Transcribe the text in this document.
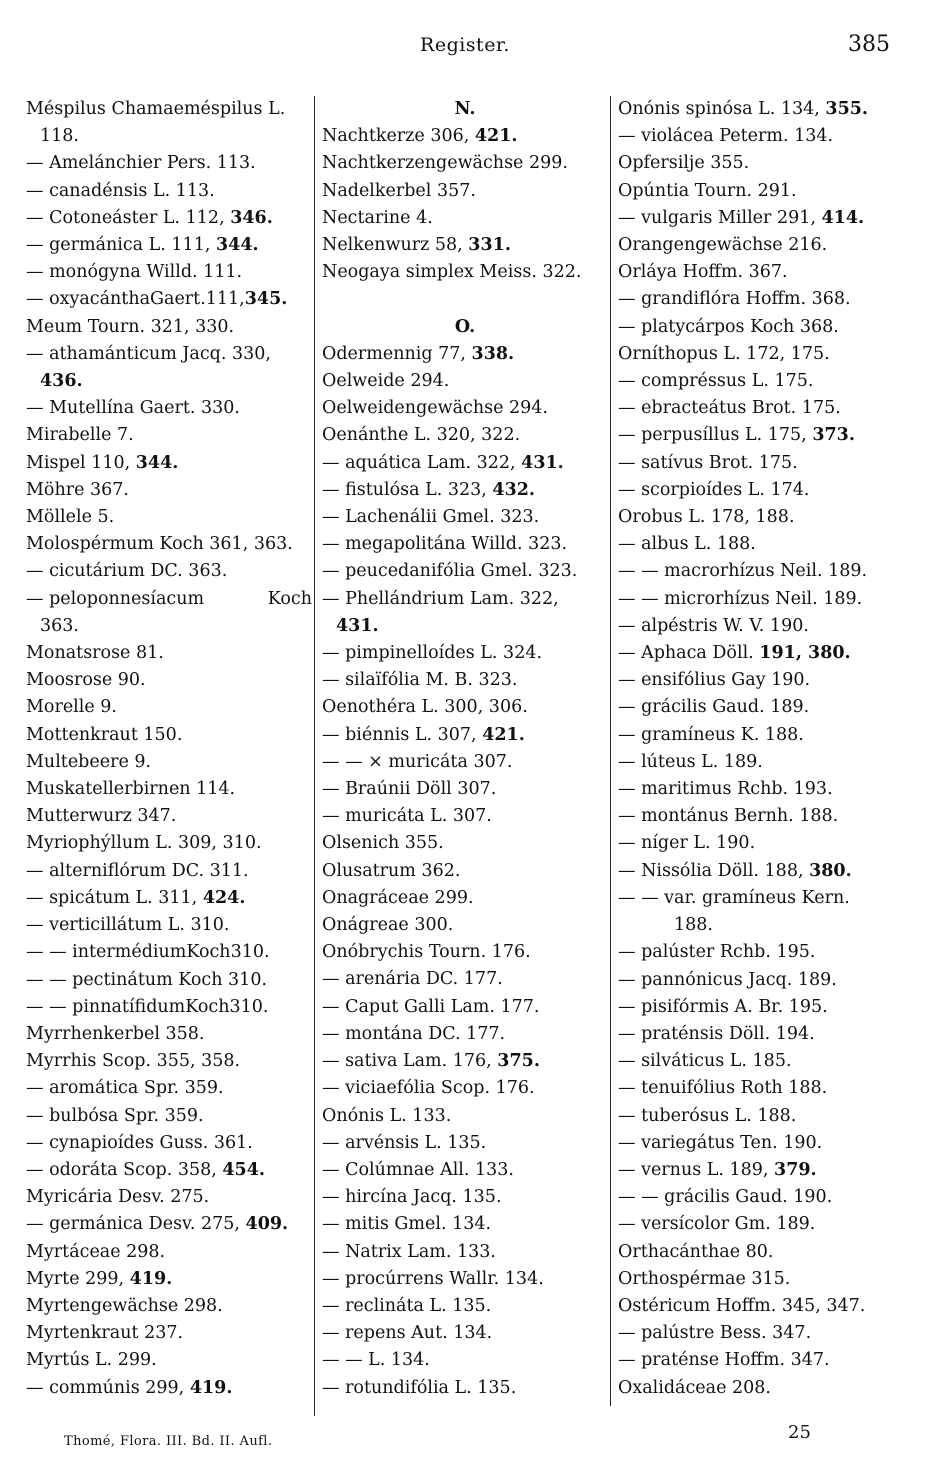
Register.	385
Méspilus Chamaeméspilus L.
118.
— Amelánchier Pers. 113.
— canadénsis L. 113.
— Cotoneáster L. 112, 346.
— germánica L. 111, 344.
— monógyna Willd. 111.
— oxyacánthaGaert.111,345.
Meum Tourn. 321, 330.
— athamánticum Jacq. 330,
436.
— Mutellína Gaert. 330.
Mirabelle 7.
Mispel 110, 344.
Möhre 367.
Möllele 5.
Molospérmum Koch 361, 363.
— cicutárium DC. 363.
— peloponnesíacum	Koch
363.
Monatsrose 81.
Moosrose 90.
Morelle 9.
Mottenkraut 150.
Multebeere 9.
Muskatellerbirnen 114.
Mutterwurz 347.
Myriophýllum L. 309, 310.
— alterniflórum DC. 311.
— spicátum L. 311, 424.
— verticillátum L. 310.
— — intermédiumKoch310.
— — pectinátum Koch 310.
— — pinnatífidumKoch310.
Myrrhenkerbel 358.
Myrrhis Scop. 355, 358.
— aromática Spr. 359.
— bulbósa Spr. 359.
— cynapioídes Guss. 361.
— odoráta Scop. 358, 454.
Myricária Desv. 275.
— germánica Desv. 275, 409.
Myrtáceae 298.
Myrte 299, 419.
Myrtengewächse 298.
Myrtenkraut 237.
Myrtús L. 299.
— commúnis 299, 419.
N.
Nachtkerze 306, 421.
Nachtkerzengewächse 299.
Nadelkerbel 357.
Nectarine 4.
Nelkenwurz 58, 331.
Neogaya simplex Meiss. 322.
O.
Odermennig 77, 338.
Oelweide 294.
Oelweidengewächse 294.
Oenánthe L. 320, 322.
— aquática Lam. 322, 431.
— fistulósa L. 323, 432.
— Lachenálii Gmel. 323.
— megapolitána Willd. 323.
— peucedanifólia Gmel. 323.
— Phellándrium Lam. 322,
431.
— pimpinelloídes L. 324.
— silaïfólia M. B. 323.
Oenothéra L. 300, 306.
— biénnis L. 307, 421.
— — × muricáta 307.
— Braúnii Döll 307.
— muricáta L. 307.
Olsenich 355.
Olusatrum 362.
Onagráceae 299.
Onágreae 300.
Onóbrychis Tourn. 176.
— arenária DC. 177.
— Caput Galli Lam. 177.
— montána DC. 177.
— sativa Lam. 176, 375.
— viciaefólia Scop. 176.
Onónis L. 133.
— arvénsis L. 135.
— Colúmnae All. 133.
— hircína Jacq. 135.
— mitis Gmel. 134.
— Natrix Lam. 133.
— procúrrens Wallr. 134.
— reclináta L. 135.
— repens Aut. 134.
— — L. 134.
— rotundifólia L. 135.
Onónis spinósa L. 134, 355.
— violácea Peterm. 134.
Opfersilje 355.
Opúntia Tourn. 291.
— vulgaris Miller 291, 414.
Orangengewächse 216.
Orláya Hoffm. 367.
— grandiflóra Hoffm. 368.
— platycárpos Koch 368.
Orníthopus L. 172, 175.
— compréssus L. 175.
— ebracteátus Brot. 175.
— perpusíllus L. 175, 373.
— satívus Brot. 175.
— scorpioídes L. 174.
Orobus L. 178, 188.
— albus L. 188.
— — macrorhízus Neil. 189.
— — microrhízus Neil. 189.
— alpéstris W. V. 190.
— Aphaca Döll. 191, 380.
— ensifólius Gay 190.
— grácilis Gaud. 189.
— gramíneus K. 188.
— lúteus L. 189.
— maritimus Rchb. 193.
— montánus Bernh. 188.
— níger L. 190.
— Nissólia Döll. 188, 380.
— — var. gramíneus Kern.
188.
— palúster Rchb. 195.
— pannónicus Jacq. 189.
— pisifórmis A. Br. 195.
— praténsis Döll. 194.
— silváticus L. 185.
— tenuifólius Roth 188.
— tuberósus L. 188.
— variegátus Ten. 190.
— vernus L. 189, 379.
— — grácilis Gaud. 190.
— versícolor Gm. 189.
Orthacánthae 80.
Orthospérmae 315.
Ostéricum Hoffm. 345, 347.
— palústre Bess. 347.
— praténse Hoffm. 347.
Oxalidáceae 208.
Thomé, Flora. III. Bd. II. Aufl.	25
